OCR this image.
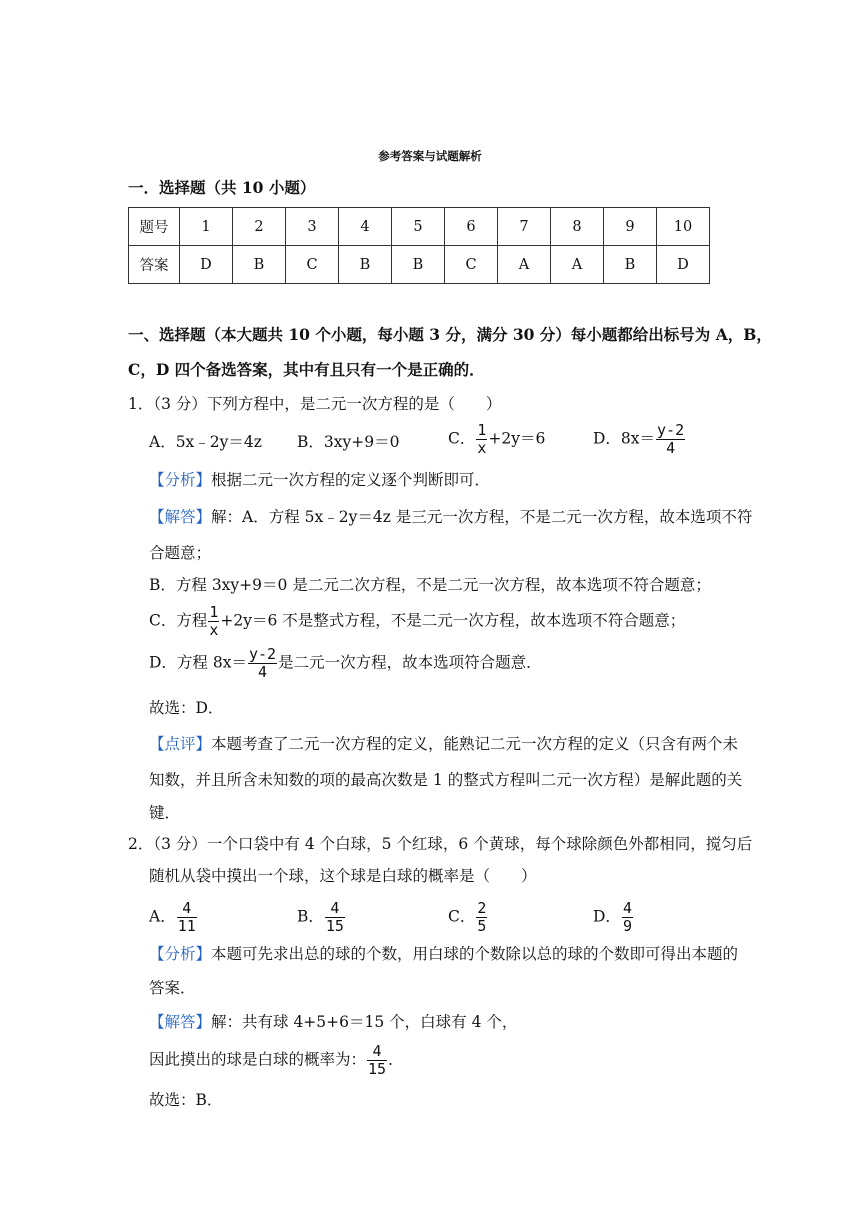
参考答案与试题解析
一．选择题（共 10 小题）
题号	1	2	3	4	5	6	7	8	9	10
答案	D	B	C	B	B	C	A	A	B	D
一、选择题（本大题共 10 个小题，每小题 3 分，满分 30 分）每小题都给出标号为 A，B，
C，D 四个备选答案，其中有且只有一个是正确的．
1．（3 分）下列方程中，是二元一次方程的是（　　）
A．5x﹣2y＝4z B．3xy+9＝0	C． $\frac{1}{x} +2y=6$	D．$8x= \frac{y-2}{4}$
【分析】根据二元一次方程的定义逐个判断即可．
【解答】解：A．方程 5x﹣2y＝4z 是三元一次方程，不是二元一次方程，故本选项不符
合题意；
B．方程 3xy+9＝0 是二元二次方程，不是二元一次方程，故本选项不符合题意；
C．方程 $\frac{1}{x} +2y=6$ 不是整式方程，不是二元一次方程，故本选项不符合题意；
D．方程 $8x= \frac{y-2}{4}$ 是二元一次方程，故本选项符合题意．
故选：D．
【点评】本题考查了二元一次方程的定义，能熟记二元一次方程的定义（只含有两个未
知数，并且所含未知数的项的最高次数是 1 的整式方程叫二元一次方程）是解此题的关
键．
2．（3 分）一个口袋中有 4 个白球，5 个红球，6 个黄球，每个球除颜色外都相同，搅匀后
随机从袋中摸出一个球，这个球是白球的概率是（　　）
A． $\frac{4}{11}$	B． $\frac{4}{15}$	C． $\frac{2}{5}$	D． $\frac{4}{9}$
【分析】本题可先求出总的球的个数，用白球的个数除以总的球的个数即可得出本题的
答案．
【解答】解：共有球 4+5+6＝15 个，白球有 4 个，
因此摸出的球是白球的概率为： $\frac{4}{15}$ ．
故选：B．
